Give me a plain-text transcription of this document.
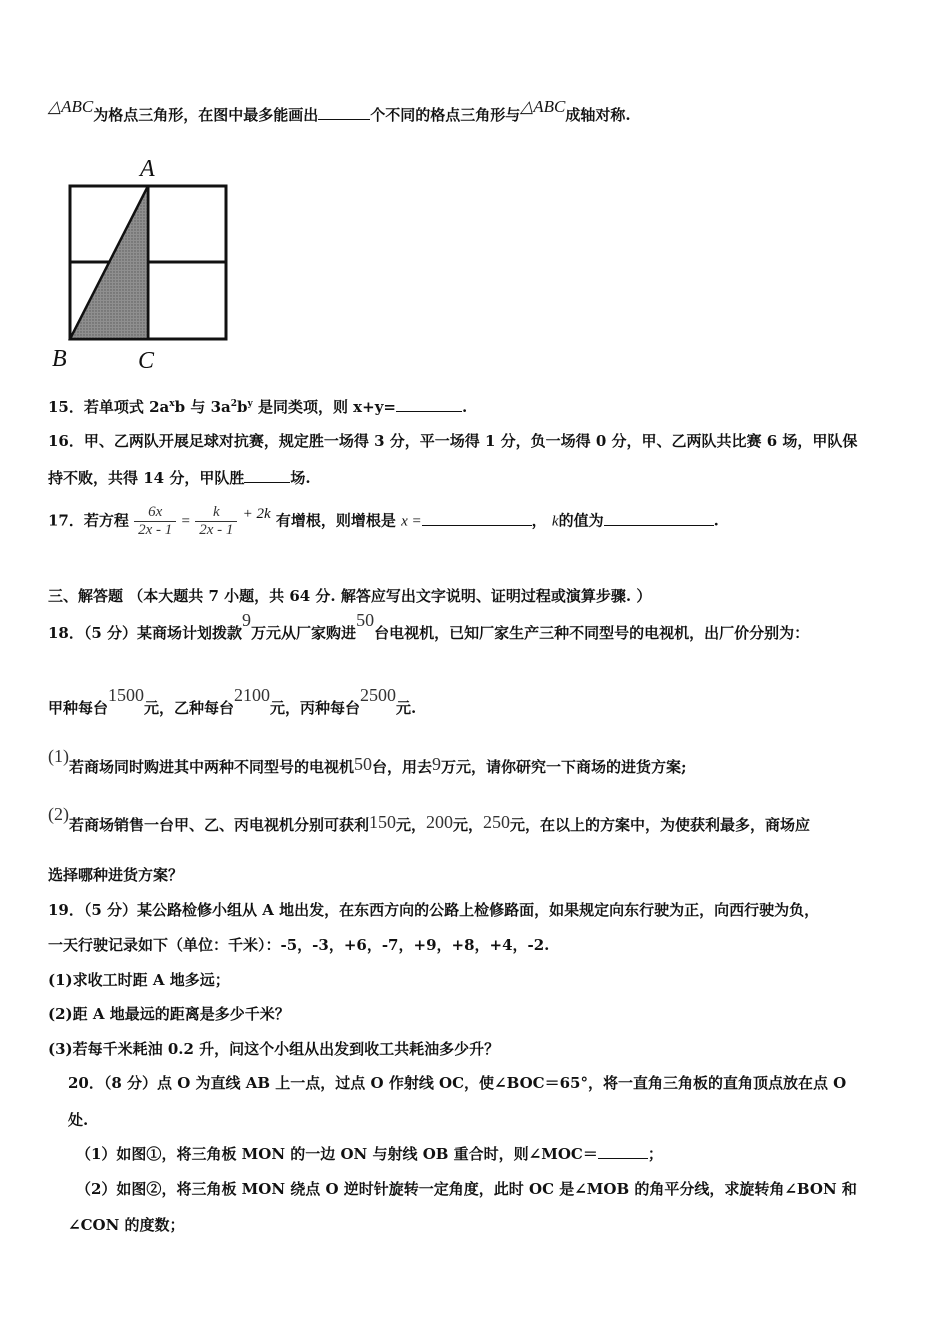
△ABC为格点三角形，在图中最多能画出	个不同的格点三角形与△ABC成轴对称.
A
B	C
15．若单项式 $2a^xb$ 与 $3a^2b^y$ 是同类项，则 x+y=	.
16．甲、乙两队开展足球对抗赛，规定胜一场得 3 分，平一场得 1 分，负一场得 0 分，甲、乙两队共比赛 6 场，甲队保
持不败，共得 14 分，甲队胜	场.
17．若方程 $\frac{6x}{2x - 1} = \frac{k}{2x - 1} + 2k$ 有增根，则增根是 x =	， k的值为	.
三、解答题 （本大题共 7 小题，共 64 分. 解答应写出文字说明、证明过程或演算步骤. ）
18．（5 分）某商场计划拨款9万元从厂家购进50台电视机，已知厂家生产三种不同型号的电视机，出厂价分别为：
甲种每台1500元，乙种每台2100元，丙种每台2500元.
(1)若商场同时购进其中两种不同型号的电视机50台，用去9万元，请你研究一下商场的进货方案;
(2)若商场销售一台甲、乙、丙电视机分别可获利150元，200元，250元，在以上的方案中，为使获利最多，商场应
选择哪种进货方案？
19．（5 分）某公路检修小组从 A 地出发，在东西方向的公路上检修路面，如果规定向东行驶为正，向西行驶为负，
一天行驶记录如下（单位：千米）：-5，-3，+6，-7，+9，+8，+4，-2.
(1)求收工时距 A 地多远；
(2)距 A 地最远的距离是多少千米？
(3)若每千米耗油 0.2 升，问这个小组从出发到收工共耗油多少升？
20．（8 分）点 O 为直线 AB 上一点，过点 O 作射线 OC，使∠BOC＝65°，将一直角三角板的直角顶点放在点 O
处.
（1）如图①，将三角板 MON 的一边 ON 与射线 OB 重合时，则∠MOC＝	；
（2）如图②，将三角板 MON 绕点 O 逆时针旋转一定角度，此时 OC 是∠MOB 的角平分线，求旋转角∠BON 和
∠CON 的度数；
